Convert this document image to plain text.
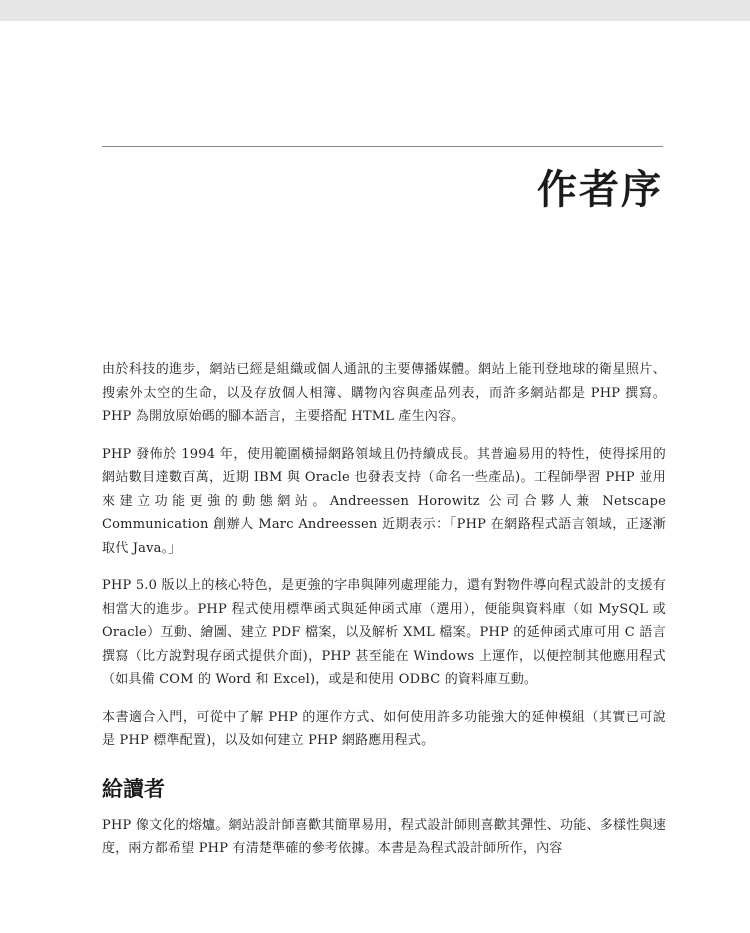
作者序

由於科技的進步，網站已經是組織或個人通訊的主要傳播媒體。網站上能刊登地球的衛星照片、搜索外太空的生命，以及存放個人相簿、購物內容與產品列表，而許多網站都是 PHP 撰寫。PHP 為開放原始碼的腳本語言，主要搭配 HTML 產生內容。

PHP 發佈於 1994 年，使用範圍橫掃網路領域且仍持續成長。其普遍易用的特性，使得採用的網站數目達數百萬，近期 IBM 與 Oracle 也發表支持（命名一些產品)。工程師學習 PHP 並用來建立功能更強的動態網站。Andreessen Horowitz 公司合夥人兼 Netscape Communication 創辦人 Marc Andreessen 近期表示：「PHP 在網路程式語言領域，正逐漸取代 Java。」

PHP 5.0 版以上的核心特色，是更強的字串與陣列處理能力，還有對物件導向程式設計的支援有相當大的進步。PHP 程式使用標準函式與延伸函式庫（選用），便能與資料庫（如 MySQL 或 Oracle）互動、繪圖、建立 PDF 檔案，以及解析 XML 檔案。PHP 的延伸函式庫可用 C 語言撰寫（比方說對現存函式提供介面)，PHP 甚至能在 Windows 上運作，以便控制其他應用程式（如具備 COM 的 Word 和 Excel)，或是和使用 ODBC 的資料庫互動。

本書適合入門，可從中了解 PHP 的運作方式、如何使用許多功能強大的延伸模組（其實已可說是 PHP 標準配置)，以及如何建立 PHP 網路應用程式。

給讀者

PHP 像文化的熔爐。網站設計師喜歡其簡單易用，程式設計師則喜歡其彈性、功能、多樣性與速度，兩方都希望 PHP 有清楚準確的參考依據。本書是為程式設計師所作，內容
